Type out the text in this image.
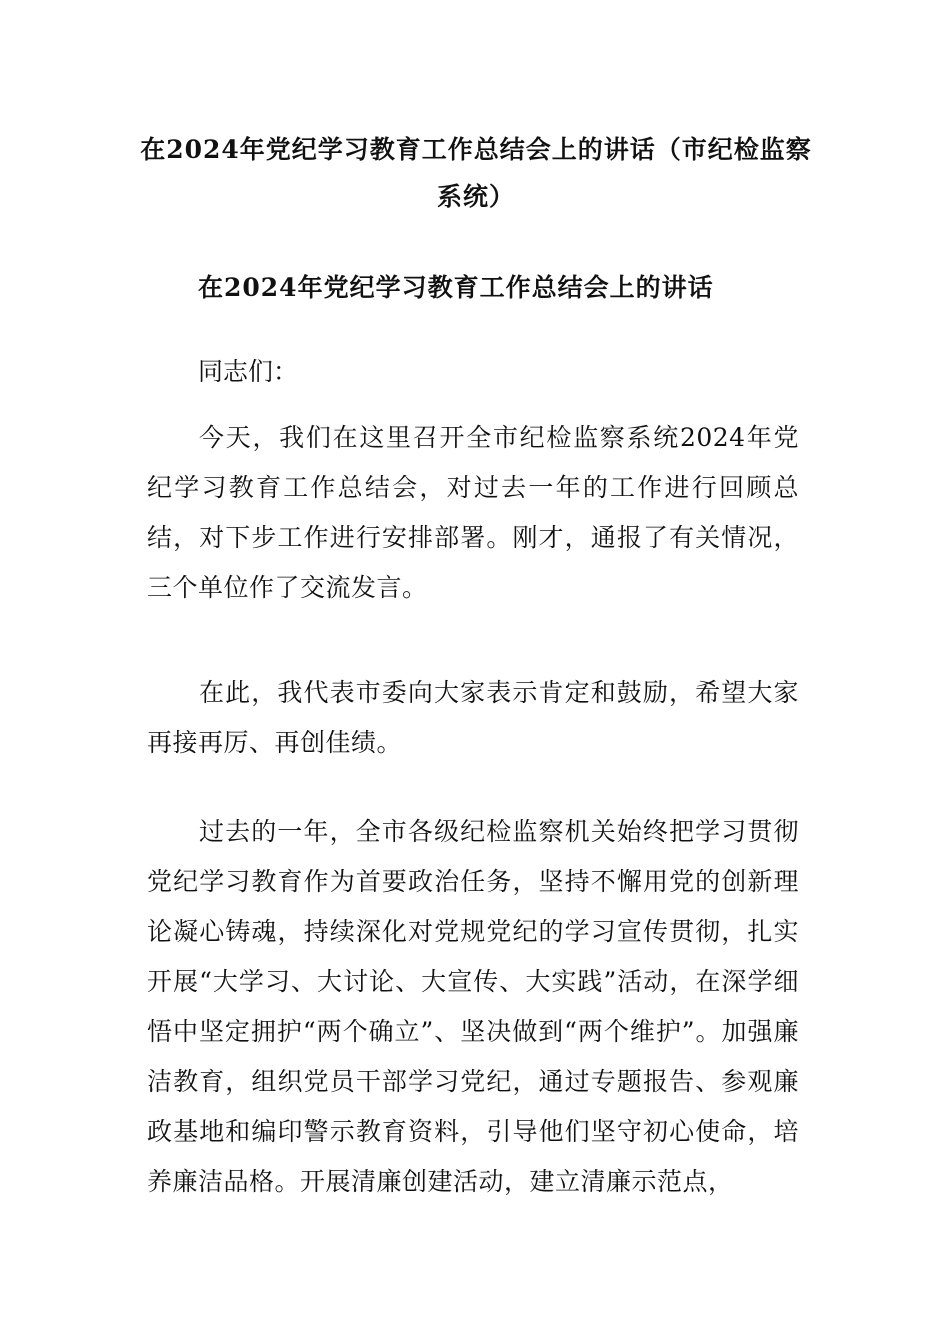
在2024年党纪学习教育工作总结会上的讲话（市纪检监察系统）
在2024年党纪学习教育工作总结会上的讲话

同志们：

今天，我们在这里召开全市纪检监察系统2024年党纪学习教育工作总结会，对过去一年的工作进行回顾总结，对下步工作进行安排部署。刚才，通报了有关情况，三个单位作了交流发言。

在此，我代表市委向大家表示肯定和鼓励，希望大家再接再厉、再创佳绩。

过去的一年，全市各级纪检监察机关始终把学习贯彻党纪学习教育作为首要政治任务，坚持不懈用党的创新理论凝心铸魂，持续深化对党规党纪的学习宣传贯彻，扎实开展“大学习、大讨论、大宣传、大实践”活动，在深学细悟中坚定拥护“两个确立”、坚决做到“两个维护”。加强廉洁教育，组织党员干部学习党纪，通过专题报告、参观廉政基地和编印警示教育资料，引导他们坚守初心使命，培养廉洁品格。开展清廉创建活动，建立清廉示范点，
